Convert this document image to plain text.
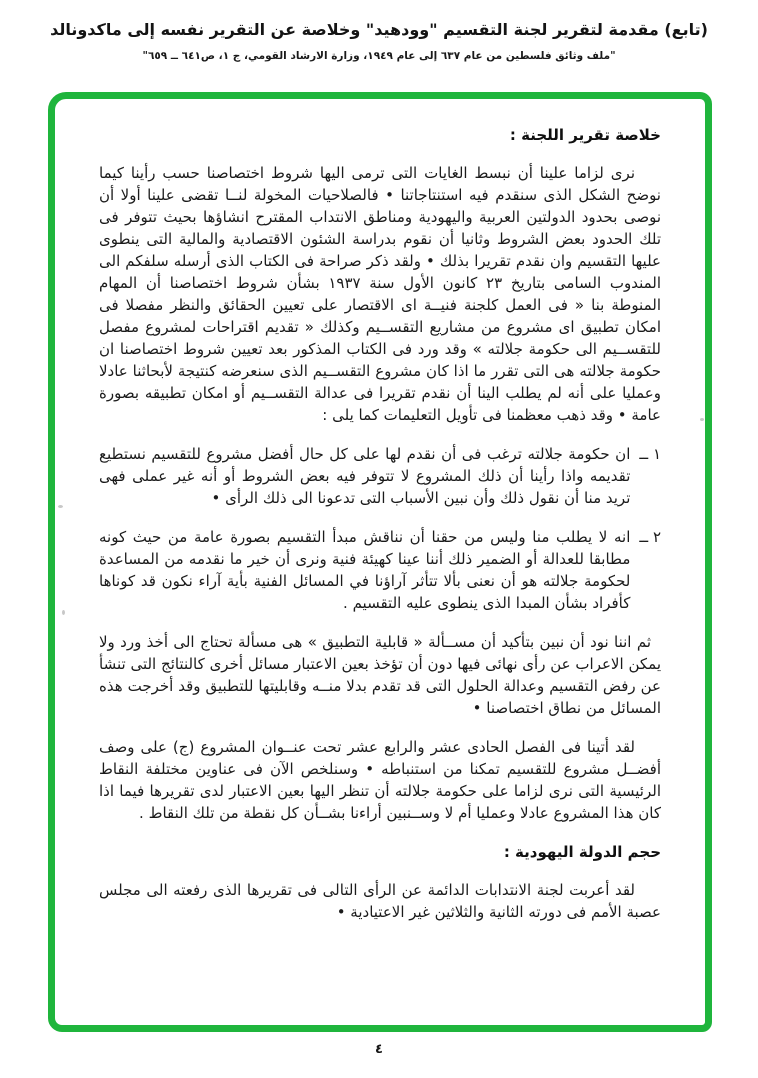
(تابع) مقدمة لتقرير لجنة التقسيم "وودهيد" وخلاصة عن التقرير نفسه إلى ماكدونالد
"ملف وثائق فلسطين من عام ٦٣٧ إلى عام ١٩٤٩، وزارة الارشاد القومي، ج ١، ص٦٤١ ــ ٦٥٩"
خلاصة تقرير اللجنة :

نرى لزاما علينا أن نبسط الغايات التى ترمى اليها شروط اختصاصنا حسب رأينا كيما نوضح الشكل الذى سنقدم فيه استنتاجاتنا • فالصلاحيات المخولة لنــا تقضى علينا أولا أن نوصى بحدود الدولتين العربية واليهودية ومناطق الانتداب المقترح انشاؤها بحيث تتوفر فى تلك الحدود بعض الشروط وثانيا أن نقوم بدراسة الشئون الاقتصادية والمالية التى ينطوى عليها التقسيم وان نقدم تقريرا بذلك • ولقد ذكر صراحة فى الكتاب الذى أرسله سلفكم الى المندوب السامى بتاريخ ٢٣ كانون الأول سنة ١٩٣٧ بشأن شروط اختصاصنا أن المهام المنوطة بنا « فى العمل كلجنة فنيــة اى الاقتصار على تعيين الحقائق والنظر مفصلا فى امكان تطبيق اى مشروع من مشاريع التقســيم وكذلك « تقديم اقتراحات لمشروع مفصل للتقســيم الى حكومة جلالته » وقد ورد فى الكتاب المذكور بعد تعيين شروط اختصاصنا ان حكومة جلالته هى التى تقرر ما اذا كان مشروع التقســيم الذى سنعرضه كنتيجة لأبحاثنا عادلا وعمليا على أنه لم يطلب الينا أن نقدم تقريرا فى عدالة التقســيم أو امكان تطبيقه بصورة عامة • وقد ذهب معظمنا فى تأويل التعليمات كما يلى :

١ ــ
ان حكومة جلالته ترغب فى أن نقدم لها على كل حال أفضل مشروع للتقسيم نستطيع تقديمه واذا رأينا أن ذلك المشروع لا تتوفر فيه بعض الشروط أو أنه غير عملى فهى تريد منا أن نقول ذلك وأن نبين الأسباب التى تدعونا الى ذلك الرأى •
٢ ــ
انه لا يطلب منا وليس من حقنا أن نناقش مبدأ التقسيم بصورة عامة من حيث كونه مطابقا للعدالة أو الضمير ذلك أننا عينا كهيئة فنية ونرى أن خير ما نقدمه من المساعدة لحكومة جلالته هو أن نعنى بألا تتأثر آراؤنا في المسائل الفنية بأية آراء نكون قد كوناها كأفراد بشأن المبدا الذى ينطوى عليه التقسيم .

ثم اننا نود أن نبين بتأكيد أن مســألة « قابلية التطبيق » هى مسألة تحتاج الى أخذ ورد ولا يمكن الاعراب عن رأى نهائى فيها دون أن تؤخذ بعين الاعتبار مسائل أخرى كالنتائج التى تنشأ عن رفض التقسيم وعدالة الحلول التى قد تقدم بدلا منــه وقابليتها للتطبيق وقد أخرجت هذه المسائل من نطاق اختصاصنا •

لقد أتينا فى الفصل الحادى عشر والرابع عشر تحت عنــوان المشروع (ج) على وصف أفضــل مشروع للتقسيم تمكنا من استنباطه • وسنلخص الآن فى عناوين مختلفة النقاط الرئيسية التى نرى لزاما على حكومة جلالته أن تنظر اليها بعين الاعتبار لدى تقريرها فيما اذا كان هذا المشروع عادلا وعمليا أم لا وســنبين أراءنا بشــأن كل نقطة من تلك النقاط .

حجم الدولة اليهودية :

لقد أعربت لجنة الانتدابات الدائمة عن الرأى التالى فى تقريرها الذى رفعته الى مجلس عصبة الأمم فى دورته الثانية والثلاثين غير الاعتيادية •

٤
